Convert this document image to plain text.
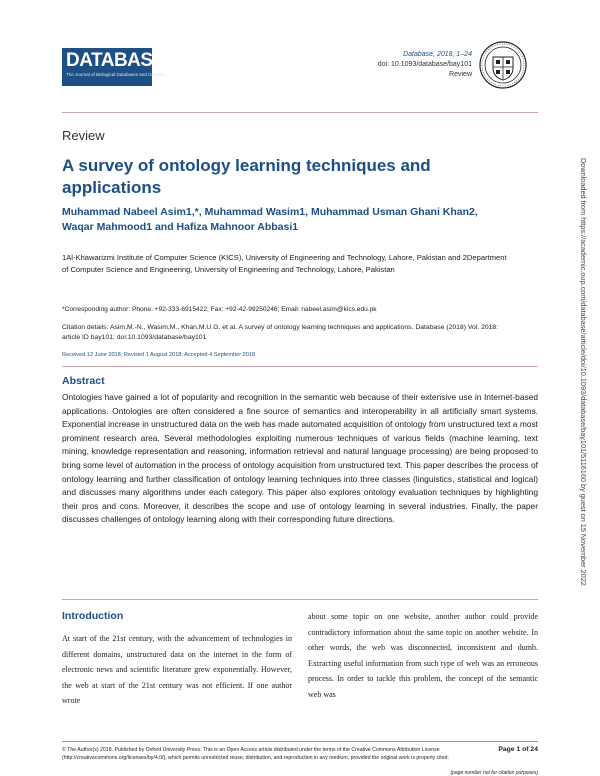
DATABASE
The Journal of Biological Databases and Curation
Database, 2018, 1–24
doi: 10.1093/database/bay101
Review
Review
A survey of ontology learning techniques and applications
Muhammad Nabeel Asim1,*, Muhammad Wasim1, Muhammad Usman Ghani Khan2, Waqar Mahmood1 and Hafiza Mahnoor Abbasi1
1Al-Khawarizmi Institute of Computer Science (KICS), University of Engineering and Technology, Lahore, Pakistan and 2Department of Computer Science and Engineering, University of Engineering and Technology, Lahore, Pakistan
*Corresponding author: Phone: +92-333-6915422; Fax: +92-42-99250246; Email: nabeel.asim@kics.edu.pk
Citation details: Asim,M.-N., Wasim,M., Khan,M.U.G. et al. A survey of ontology learning techniques and applications. Database (2018) Vol. 2018: article ID bay101; doi:10.1093/database/bay101
Received 12 June 2018; Revised 1 August 2018; Accepted 4 September 2018
Abstract
Ontologies have gained a lot of popularity and recognition in the semantic web because of their extensive use in Internet-based applications. Ontologies are often considered a fine source of semantics and interoperability in all artificially smart systems. Exponential increase in unstructured data on the web has made automated acquisition of ontology from unstructured text a most prominent research area. Several methodologies exploiting numerous techniques of various fields (machine learning, text mining, knowledge representation and reasoning, information retrieval and natural language processing) are being proposed to bring some level of automation in the process of ontology acquisition from unstructured text. This paper describes the process of ontology learning and further classification of ontology learning techniques into three classes (linguistics, statistical and logical) and discusses many algorithms under each category. This paper also explores ontology evaluation techniques by highlighting their pros and cons. Moreover, it describes the scope and use of ontology learning in several industries. Finally, the paper discusses challenges of ontology learning along with their corresponding future directions.
Introduction
At start of the 21st century, with the advancement of technologies in different domains, unstructured data on the internet in the form of electronic news and scientific literature grew exponentially. However, the web at start of the 21st century was not efficient. If one author wrote
about some topic on one website, another author could provide contradictory information about the same topic on another website. In other words, the web was disconnected, inconsistent and dumb. Extracting useful information from such type of web was an erroneous process. In order to tackle this problem, the concept of the semantic web was
© The Author(s) 2018. Published by Oxford University Press. This is an Open Access article distributed under the terms of the Creative Commons Attribution License (http://creativecommons.org/licenses/by/4.0/), which permits unrestricted reuse, distribution, and reproduction in any medium, provided the original work is properly cited.
Page 1 of 24
(page number not for citation purposes)
Downloaded from https://academic.oup.com/database/article/doi/10.1093/database/bay101/5116160 by guest on 15 November 2022
